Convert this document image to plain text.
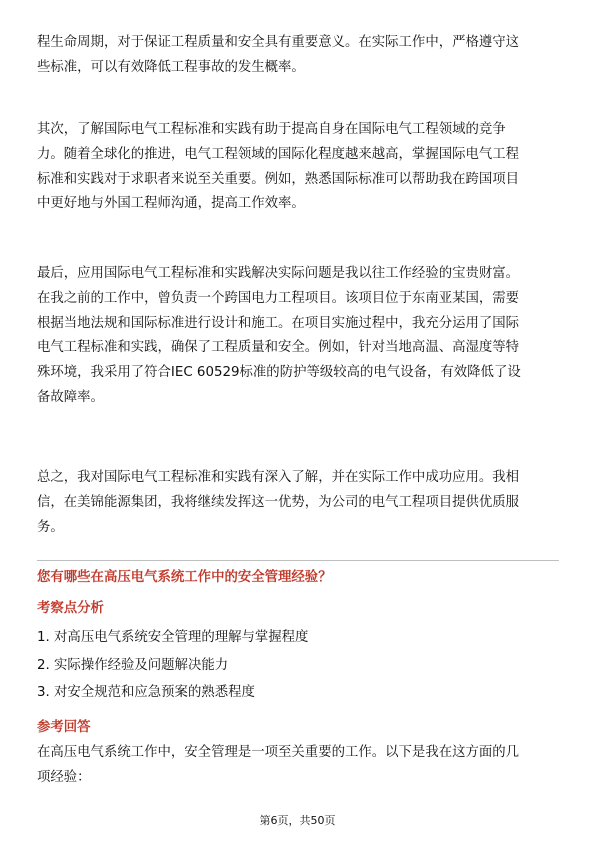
程生命周期，对于保证工程质量和安全具有重要意义。在实际工作中，严格遵守这
些标准，可以有效降低工程事故的发生概率。

其次，了解国际电气工程标准和实践有助于提高自身在国际电气工程领域的竞争
力。随着全球化的推进，电气工程领域的国际化程度越来越高，掌握国际电气工程
标准和实践对于求职者来说至关重要。例如，熟悉国际标准可以帮助我在跨国项目
中更好地与外国工程师沟通，提高工作效率。

最后，应用国际电气工程标准和实践解决实际问题是我以往工作经验的宝贵财富。
在我之前的工作中，曾负责一个跨国电力工程项目。该项目位于东南亚某国，需要
根据当地法规和国际标准进行设计和施工。在项目实施过程中，我充分运用了国际
电气工程标准和实践，确保了工程质量和安全。例如，针对当地高温、高湿度等特
殊环境，我采用了符合IEC 60529标准的防护等级较高的电气设备，有效降低了设
备故障率。

总之，我对国际电气工程标准和实践有深入了解，并在实际工作中成功应用。我相
信，在美锦能源集团，我将继续发挥这一优势，为公司的电气工程项目提供优质服
务。

您有哪些在高压电气系统工作中的安全管理经验？
考察点分析
1. 对高压电气系统安全管理的理解与掌握程度
2. 实际操作经验及问题解决能力
3. 对安全规范和应急预案的熟悉程度
参考回答

在高压电气系统工作中，安全管理是一项至关重要的工作。以下是我在这方面的几
项经验：

第6页，共50页
